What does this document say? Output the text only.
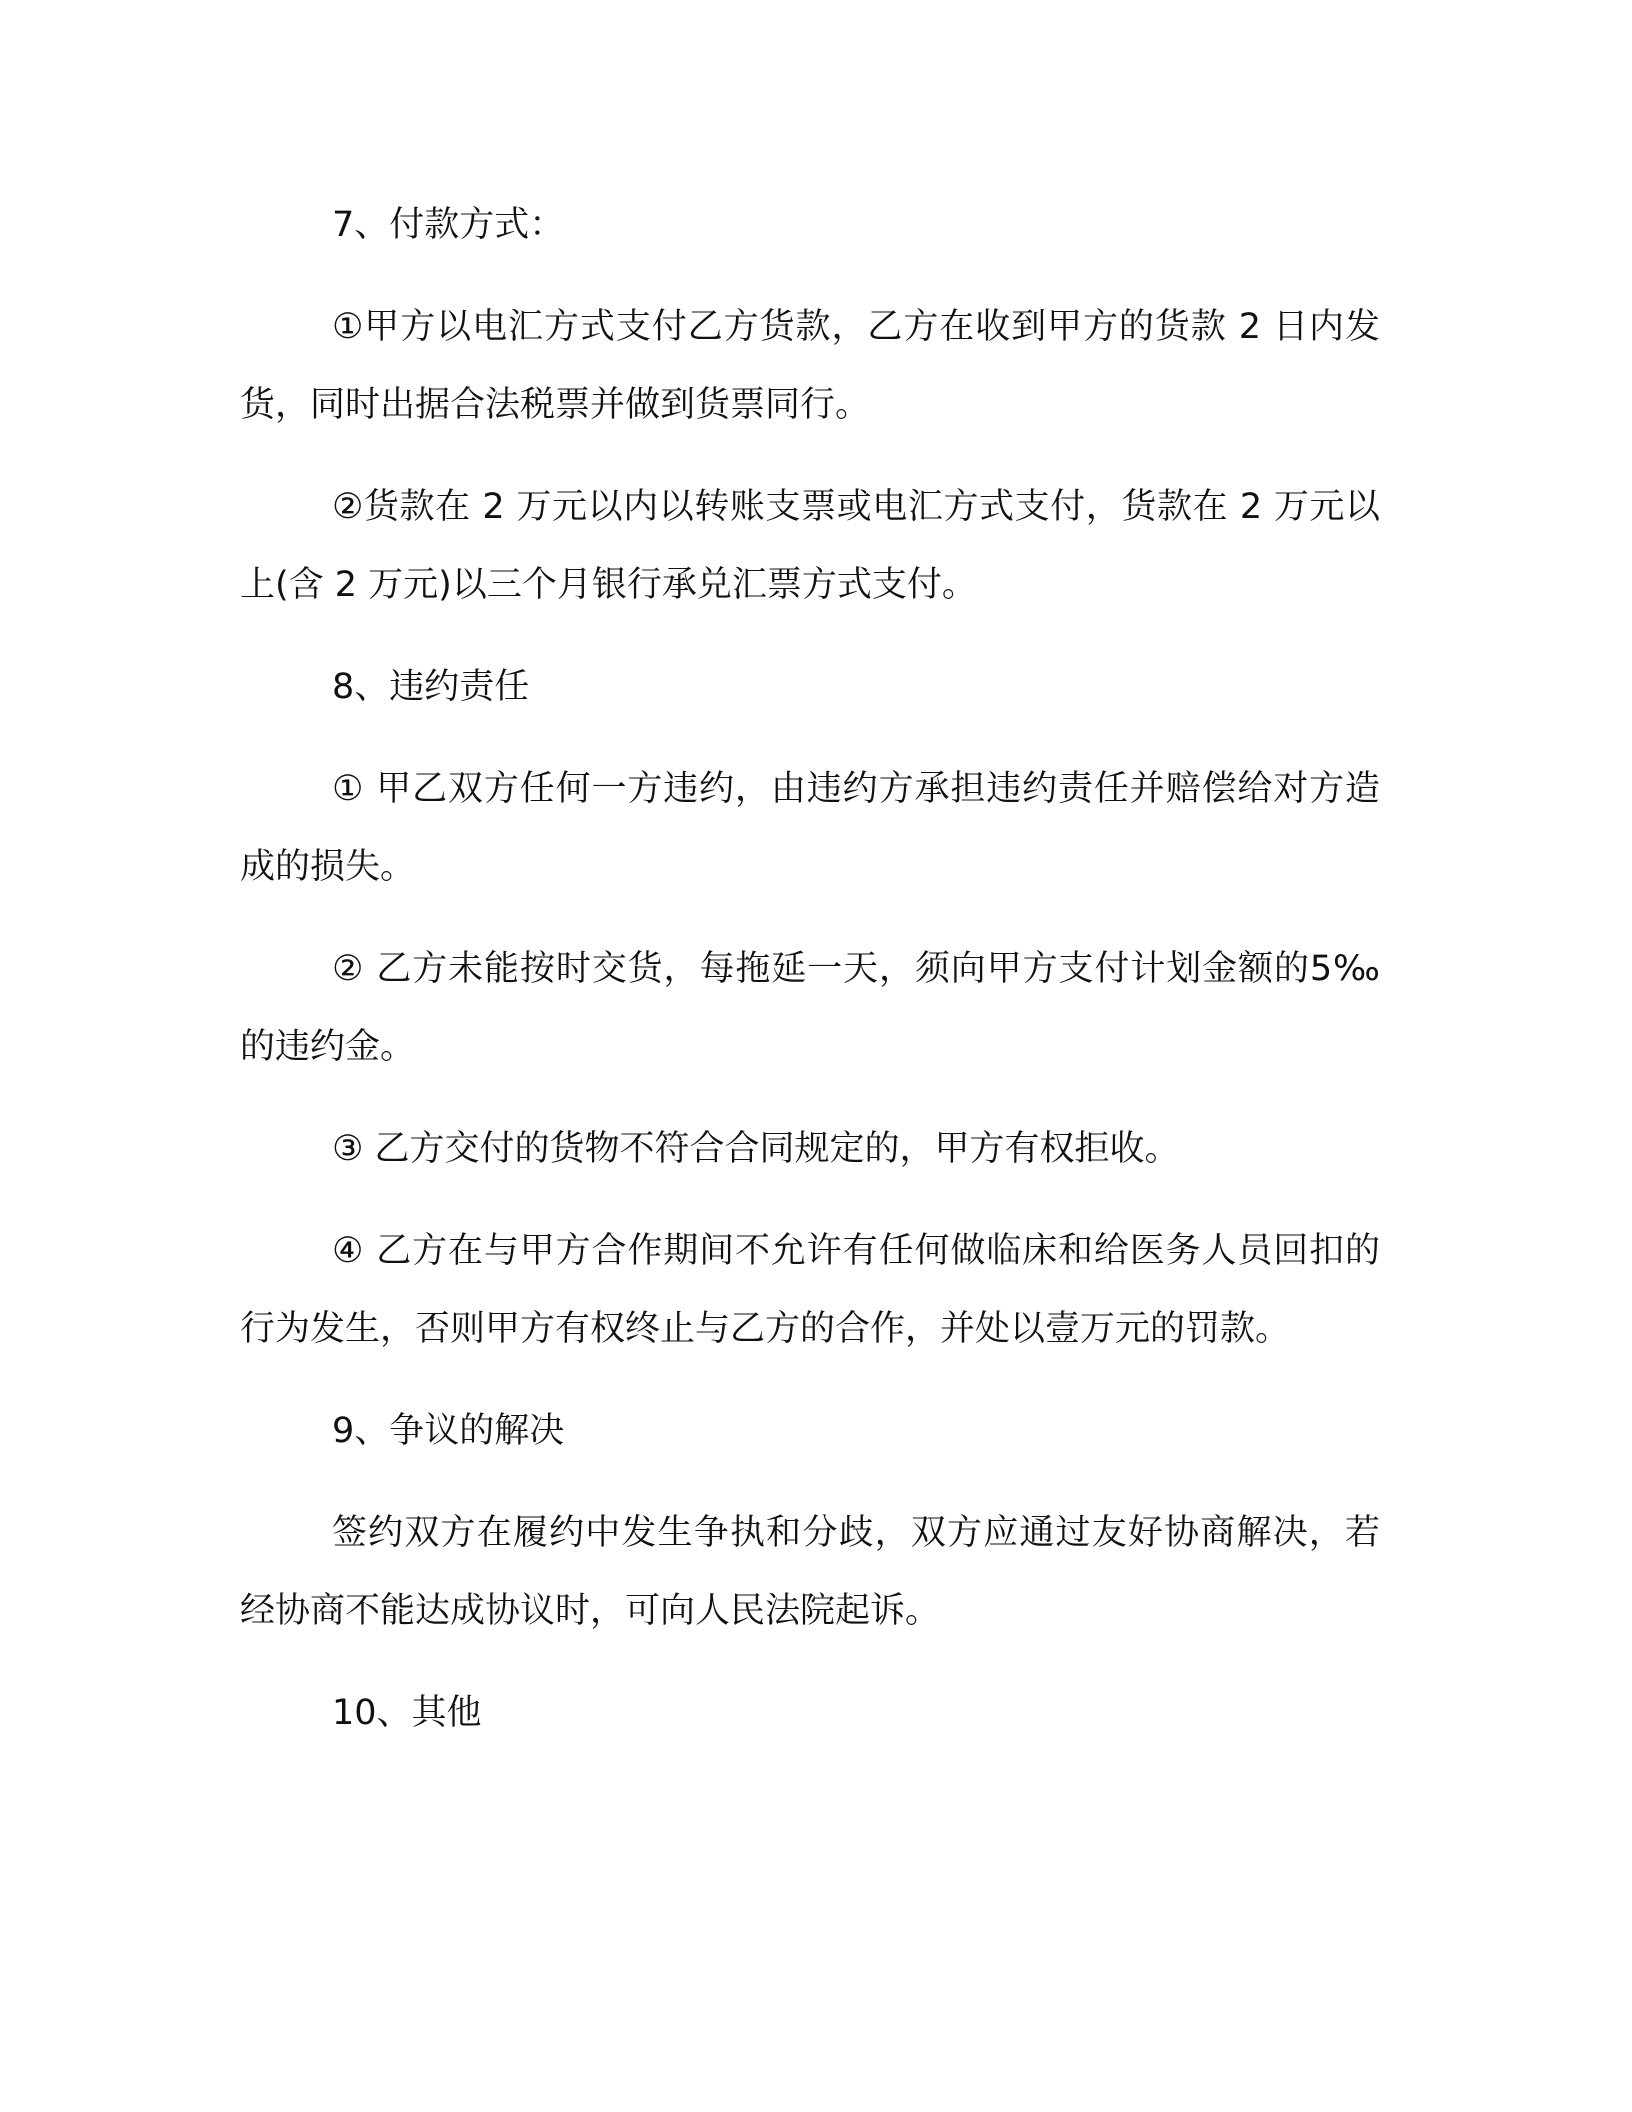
7、付款方式：

①甲方以电汇方式支付乙方货款，乙方在收到甲方的货款 2 日内发货，同时出据合法税票并做到货票同行。

②货款在 2 万元以内以转账支票或电汇方式支付，货款在 2 万元以上(含 2 万元)以三个月银行承兑汇票方式支付。

8、违约责任

① 甲乙双方任何一方违约，由违约方承担违约责任并赔偿给对方造成的损失。

② 乙方未能按时交货，每拖延一天，须向甲方支付计划金额的5‰的违约金。

③ 乙方交付的货物不符合合同规定的，甲方有权拒收。

④ 乙方在与甲方合作期间不允许有任何做临床和给医务人员回扣的行为发生，否则甲方有权终止与乙方的合作，并处以壹万元的罚款。

9、争议的解决

签约双方在履约中发生争执和分歧，双方应通过友好协商解决，若经协商不能达成协议时，可向人民法院起诉。

10、其他
